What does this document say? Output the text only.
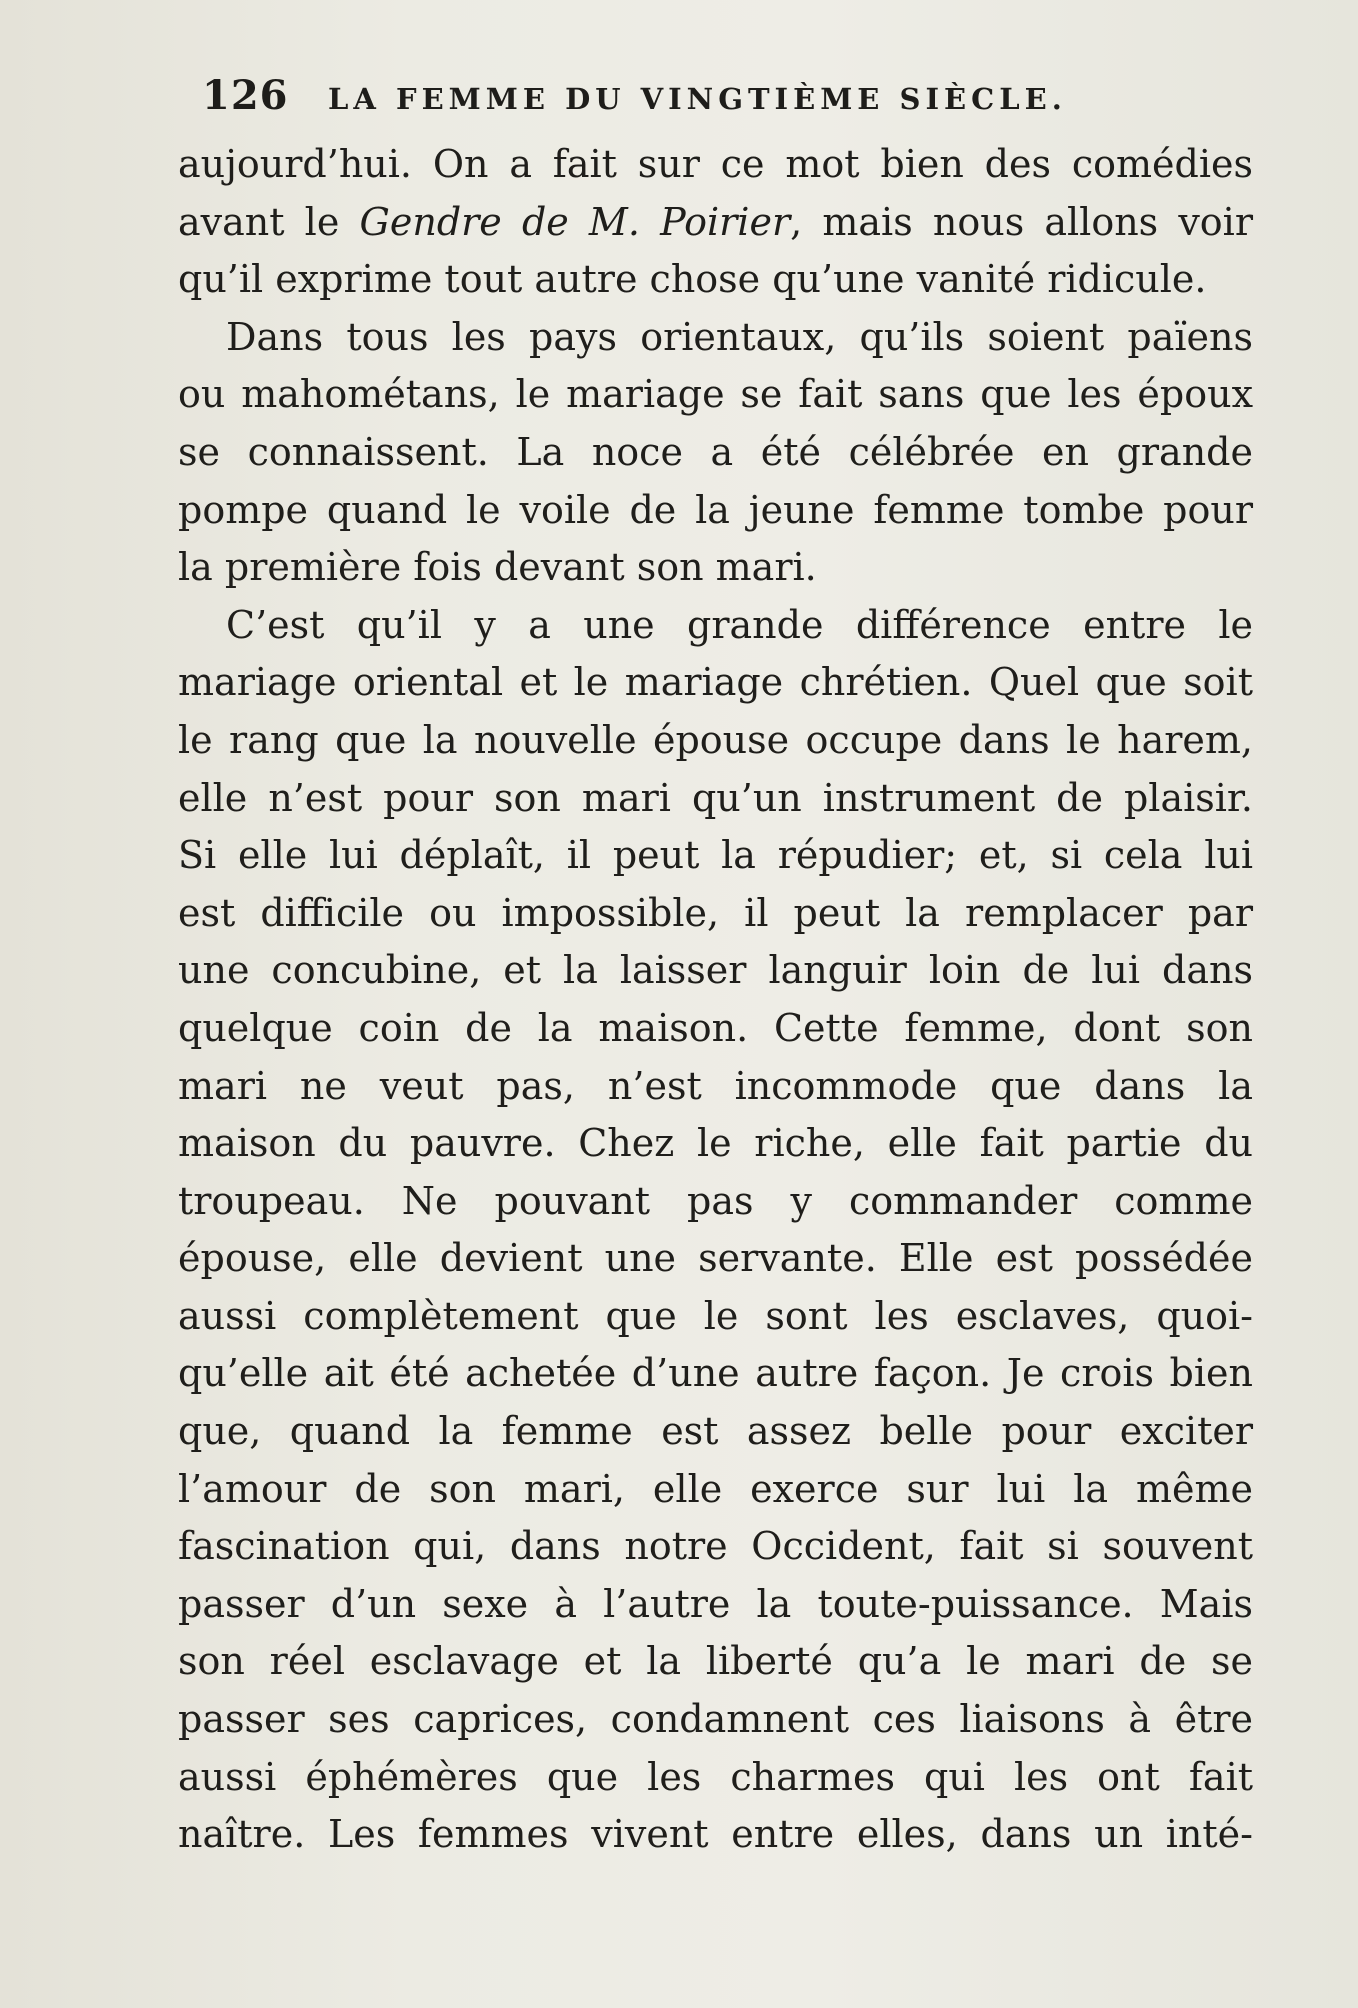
126 LA FEMME DU VINGTIÈME SIÈCLE.
aujourd’hui. On a fait sur ce mot bien des comédies
avant le Gendre de M. Poirier, mais nous allons voir
qu’il exprime tout autre chose qu’une vanité ridicule.
Dans tous les pays orientaux, qu’ils soient païens
ou mahométans, le mariage se fait sans que les époux
se connaissent. La noce a été célébrée en grande
pompe quand le voile de la jeune femme tombe pour
la première fois devant son mari.
C’est qu’il y a une grande différence entre le
mariage oriental et le mariage chrétien. Quel que soit
le rang que la nouvelle épouse occupe dans le harem,
elle n’est pour son mari qu’un instrument de plaisir.
Si elle lui déplaît, il peut la répudier; et, si cela lui
est difficile ou impossible, il peut la remplacer par
une concubine, et la laisser languir loin de lui dans
quelque coin de la maison. Cette femme, dont son
mari ne veut pas, n’est incommode que dans la
maison du pauvre. Chez le riche, elle fait partie du
troupeau. Ne pouvant pas y commander comme
épouse, elle devient une servante. Elle est possédée
aussi complètement que le sont les esclaves, quoi-
qu’elle ait été achetée d’une autre façon. Je crois bien
que, quand la femme est assez belle pour exciter
l’amour de son mari, elle exerce sur lui la même
fascination qui, dans notre Occident, fait si souvent
passer d’un sexe à l’autre la toute-puissance. Mais
son réel esclavage et la liberté qu’a le mari de se
passer ses caprices, condamnent ces liaisons à être
aussi éphémères que les charmes qui les ont fait
naître. Les femmes vivent entre elles, dans un inté-
